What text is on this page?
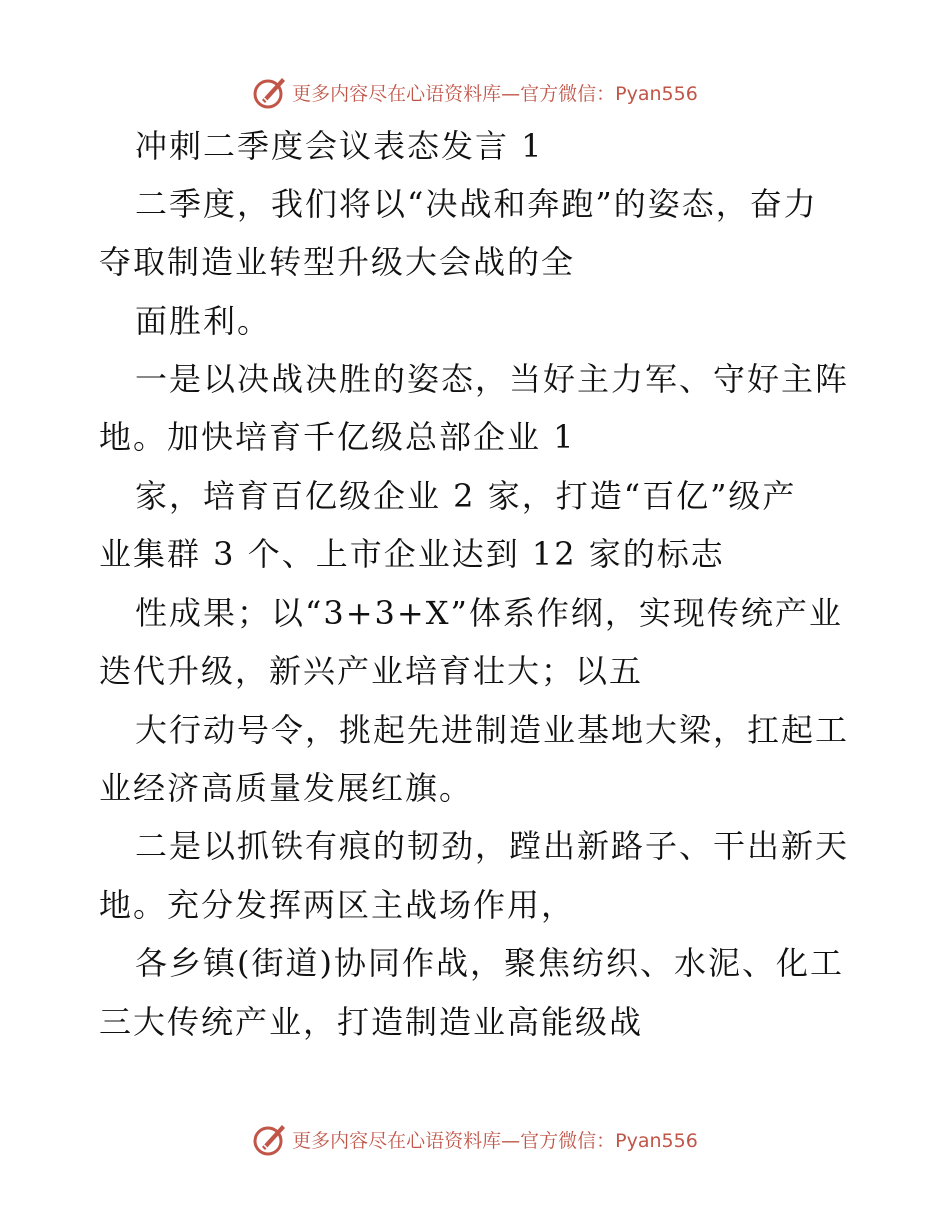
更多内容尽在心语资料库—官方微信：Pyan556
冲刺二季度会议表态发言 1
二季度，我们将以“决战和奔跑”的姿态，奋力
夺取制造业转型升级大会战的全
面胜利。
一是以决战决胜的姿态，当好主力军、守好主阵
地。加快培育千亿级总部企业 1
家，培育百亿级企业 2 家，打造“百亿”级产
业集群 3 个、上市企业达到 12 家的标志
性成果；以“3+3+X”体系作纲，实现传统产业
迭代升级，新兴产业培育壮大；以五
大行动号令，挑起先进制造业基地大梁，扛起工
业经济高质量发展红旗。
二是以抓铁有痕的韧劲，蹚出新路子、干出新天
地。充分发挥两区主战场作用，
各乡镇(街道)协同作战，聚焦纺织、水泥、化工
三大传统产业，打造制造业高能级战
更多内容尽在心语资料库—官方微信：Pyan556
